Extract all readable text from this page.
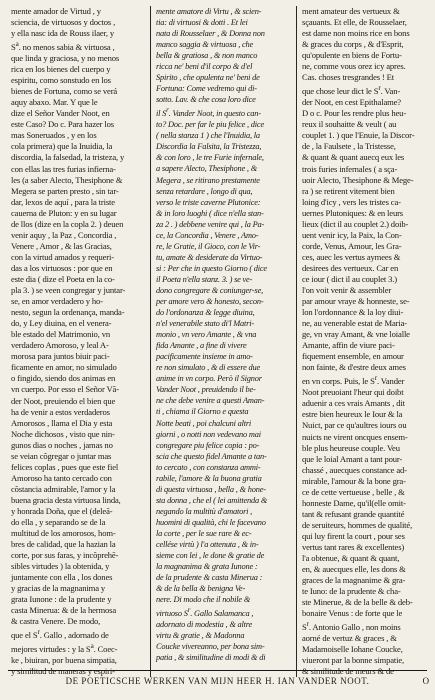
mente amador de Virtud , y
sciencia, de virtuosos y doctos ,
y ella nasc ida de Rouss ilaer, y
$S^a$. no menos sabia & virtuosa ,
que linda y graciosa, y no menos
rica en los bienes del cuerpo y
espiritu, como sonstudo en los
bienes de Fortuna, como se verá
aquy abaxo. Mar. Y que le
dize el Señor Vander Noot, en
este Caso? Do c. Para hazer los
mas Soneruados , y en los
cola primera) que la Inuidia, la
discordia, la falsedad, la tristeza, y
con ellas las tres furias infierna-
les (a saber Alecto, Thesiphone &
Megera se parten presto , sin tar-
dar, lexos de aquí , para la triste
cauerna de Pluton: y en su lugar
de llos (dize en la copla 2. ) deuen
venir aquy , la Paz , Concordia ,
Venere , Amor , & las Gracias,
con la virtud amados y requeri-
das a los virtuosos : por que en
este dia ( dize el Poeta en la co-
pla 3. ) se veen congregar y juntar-
se, en amor verdadero y ho-
nesto, segun la ordenança, manda-
do, y Ley diuina, en el venera-
ble estado del Matrimonio, vn
verdadero Amoroso, y leal A-
morosa para juntos biuir paci-
ficamente en amor, no simulado
o fingido, siendo dos animas en
vn cuerpo. Por esso el Señor Vã-
der Noot, preuiendo el bien que
ha de venir a estos verdaderos
Amorosos , llama el Dia y esta
Noche dichosos , visto que nin-
gunos dias o noches , jamas no
se veian cõgregar o juntar mas
felices coplas , pues que este fiel
Amoroso ha tanto cercado con
cõstancia admirable, l'amor y la
buena gracia desta virtuosa linda,
y honrada Doña, que el (deleã-
do ella , y separando se de la
multitud de los amorosos, hom-
bres de calidad, que la hazian la
corte, por sus faras, y incõprehē-
sibles virtudes ) la obtenida, y
juntamente con ella , los dones
y gracias de la magnanima y
grata Iunone : de la prudente y
casta Minerua: & de la hermosa
& castra Venere. De modo,
que el $S^r$. Gallo , adornado de
mejores virtudes : y la $S^a$. Coec-
ke , biuiran, por buena simpatia,
y similitud de maneras y espiri-
mente amatore di Virtu , & scien-
tia: di virtuosi & dotti . Et lei
nata di Rousselaer , & Donna non
manco saggia & virtuosa , che
bella & gratiosa , & non manco
ricca ne' beni d'il corpo & d'el
Spirito , che opulenta ne' beni de
Fortuna: Come vedremo qui di-
sotto. Lav. & che cosa loro dice
il $S^r$. Vander Noot, in questo can-
to? Doc. per far le piu felice , dice
( nella stanza 1 ) che l'Inuidia, la
Discordia la Falsita, la Tristezza,
& con loro , le tre Furie infernale,
a sapere Alecto, Thesiphone , &
Megera , se ritirano prestamente
senza retardare , longo di qua,
verso le triste caverne Plutonice:
& in loro luoghi ( dice n'ella stan-
za 2 . ) debbene venire qui , la Pa-
ce, la Concordia , Venere , Amo-
re, le Gratie, il Gioco, con le Vir-
tu, amate & desiderate da Virtuo-
si : Per che in questo Giorno ( dice
il Poeta n'ella stanz. 3. ) se ve-
dono congregare & coniunger-se,
per amore vero & honesto, secon-
do l'ordonanza & legge diuina,
n'el venerabile stato di'l Matri-
monio , vn vero Amante , & vna
fida Amante , a fine di vivere
pacificamente insieme in amo-
re non simulato , & di essere due
anime in vn corpo. Però il Signor
Vander Noot , preuidendo il be-
ne che debe venire a questi Aman-
ti , chiama il Giorno e questa
Notte beati , poi chalcuni altri
giorni , o notti non vedevano mai
congregare piu felice copia : po-
scia che questo fidel Amante a tan-
to cercato , con constanza ammi-
rabile, l'amore & la buona gratia
di questa virtuosa , bella , & hone-
sta donna , che el ( lei amittenda &
negando la multitù d'amatori ,
huomini di qualità, chi le facevano
la corte , per le sue rare & ec-
cellése virtù ) l'a ottenuta , & in-
sieme con lei , le done & gratie de
la magnanima & grata Iunone :
de la prudente & casta Minerua :
& de la bella & benigna Ve-
nere. Di modo che il nobile &
virtuoso $S^r$. Gallo Salamanca ,
adornato di modestia , & altre
virtu & gratie , & Madonna
Coucke vivereanno, per bona sim-
patia , & similitudine di modi & di
ment amateur des vertueux &
sçauants. Et elle, de Rousselaer,
est dame non moins rice en bons
& graces du corps , & d'Esprit,
qu'opulente en biens de Fortu-
ne, comme vous orez icy apres.
Cas. choses tresgrandes ! Et
que chose leur dict le $S^r$. Van-
der Noot, en cest Epithalame?
D o c. Pour les rendre plus heu-
reux il souhaitte & veult ( au
couplet 1. ) que l'Enuie, la Discor-
de , la Faulsete , la Tristesse,
& quant & quant auecq eux les
trois furies infernales ( a sça-
uoir Alecto, Thesiphone & Mege-
ra ) se retirent vitement bien
loing d'icy , vers les tristes ca-
uernes Plutoniques: & en leurs
lieux (dict il au couplet 2.) doib-
uent venir icy, la Paix, la Con-
corde, Venus, Amour, les Gra-
ces, auec les vertus aymees &
desirees des vertueux. Car en
ce iour ( dict il au couplet 3.)
l'on voit venir & assembler
par amour vraye & honneste, se-
lon l'ordonnance & la loy diui-
ne, au venerable estat de Maria-
ge, vn vray Amant, & vne loialle
Amante, affin de viure paci-
fiquement ensemble, en amour
non fainte, & d'estre deux ames
en vn corps. Puis, le $S^r$. Vander
Noot preuoiant l'heur qui doibt
aduenir a ces vrais Amants , dit
estre bien heureux le Iour & la
Nuict, par ce qu'aultres iours ou
nuicts ne virent oncques ensem-
ble plus heureuse couple. Veu
que le loial Amant a tant pour-
chassé , auecques constance ad-
mirable, l'amour & la bone gra-
ce de cette vertueuse , belle , &
honneste Dame, qu'il(elle omit-
tant & refusant grande quantité
de seruiteurs, hommes de qualité,
qui luy firent la court , pour ses
vertus tant rares & excellentes)
l'a obtenue, & quant & quant,
en, & auecques elle, les dons &
graces de la magnanime & gra-
te Iuno: de la prudente & cha-
ste Minerue, & de la belle & deb-
bonaire Venus : de forte que le
$S^r$. Antonio Gallo , non moins
aorné de vertuz & graces , &
Madamoiselle Iohane Coucke,
viueront par la bonne simpatie,
& similitude de meurs & de
DE POETICSCHE WERKEN VAN MIJN HEER H. IAN VANDER NOOT.	O
